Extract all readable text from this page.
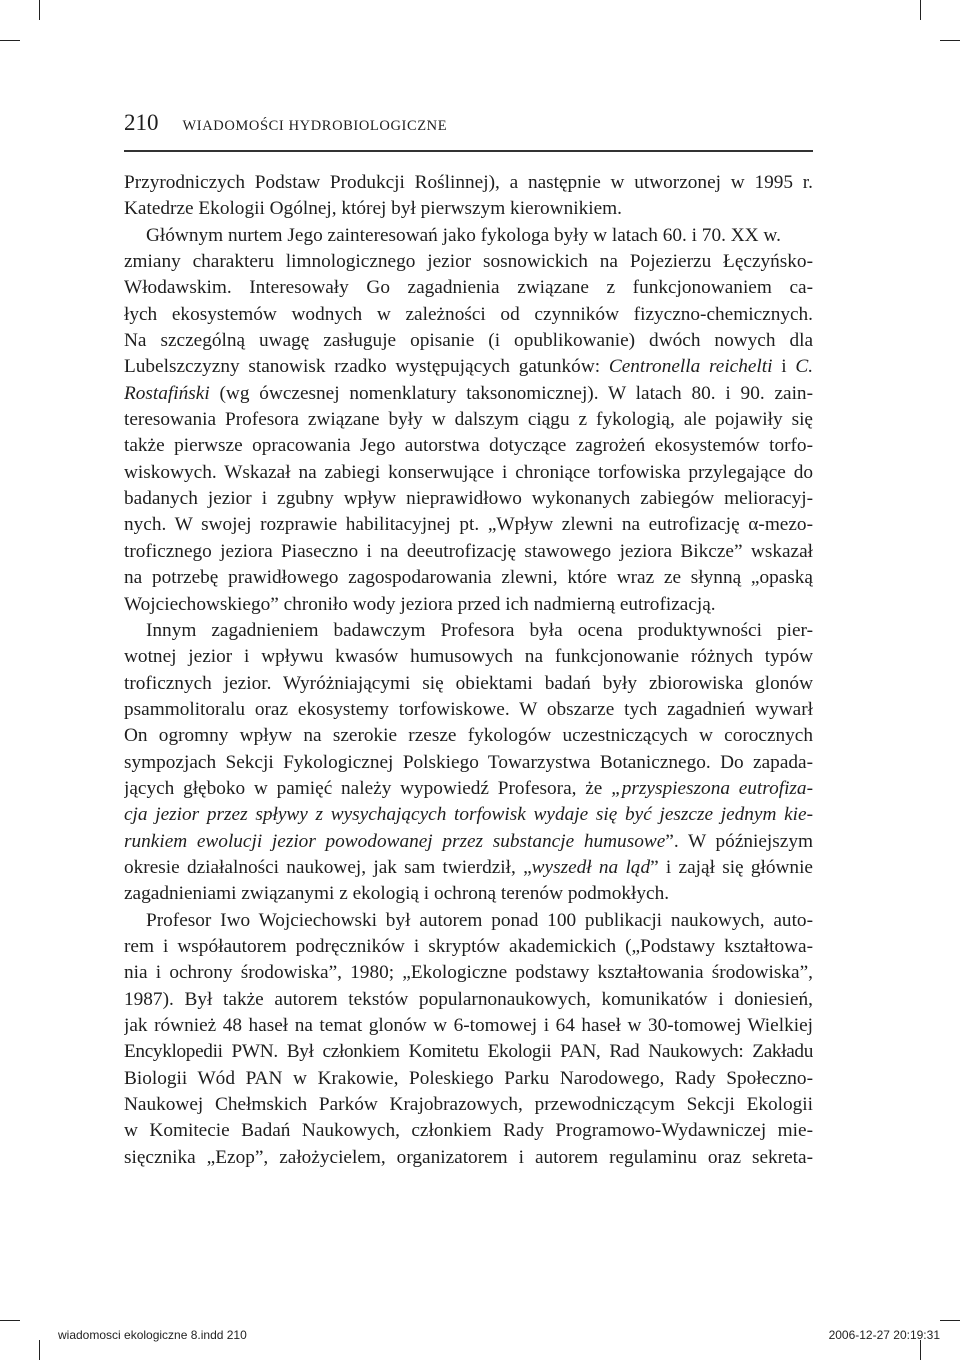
210 WIADOMOŚCI HYDROBIOLOGICZNE
Przyrodniczych Podstaw Produkcji Roślinnej), a następnie w utworzonej w 1995 r.
Katedrze Ekologii Ogólnej, której był pierwszym kierownikiem.
Głównym nurtem Jego zainteresowań jako fykologa były w latach 60. i 70. XX w.
zmiany charakteru limnologicznego jezior sosnowickich na Pojezierzu Łęczyńsko-
Włodawskim. Interesowały Go zagadnienia związane z funkcjonowaniem ca-
łych ekosystemów wodnych w zależności od czynników fizyczno-chemicznych.
Na szczególną uwagę zasługuje opisanie (i opublikowanie) dwóch nowych dla
Lubelszczyzny stanowisk rzadko występujących gatunków: Centronella reichelti i C.
Rostafiński (wg ówczesnej nomenklatury taksonomicznej). W latach 80. i 90. zain-
teresowania Profesora związane były w dalszym ciągu z fykologią, ale pojawiły się
także pierwsze opracowania Jego autorstwa dotyczące zagrożeń ekosystemów torfo-
wiskowych. Wskazał na zabiegi konserwujące i chroniące torfowiska przylegające do
badanych jezior i zgubny wpływ nieprawidłowo wykonanych zabiegów melioracyj-
nych. W swojej rozprawie habilitacyjnej pt. „Wpływ zlewni na eutrofizację α-mezo-
troficznego jeziora Piaseczno i na deeutrofizację stawowego jeziora Bikcze” wskazał
na potrzebę prawidłowego zagospodarowania zlewni, które wraz ze słynną „opaską
Wojciechowskiego” chroniło wody jeziora przed ich nadmierną eutrofizacją.
Innym zagadnieniem badawczym Profesora była ocena produktywności pier-
wotnej jezior i wpływu kwasów humusowych na funkcjonowanie różnych typów
troficznych jezior. Wyróżniającymi się obiektami badań były zbiorowiska glonów
psammolitoralu oraz ekosystemy torfowiskowe. W obszarze tych zagadnień wywarł
On ogromny wpływ na szerokie rzesze fykologów uczestniczących w corocznych
sympozjach Sekcji Fykologicznej Polskiego Towarzystwa Botanicznego. Do zapada-
jących głęboko w pamięć należy wypowiedź Profesora, że „przyspieszona eutrofiza-
cja jezior przez spływy z wysychających torfowisk wydaje się być jeszcze jednym kie-
runkiem ewolucji jezior powodowanej przez substancje humusowe”. W późniejszym
okresie działalności naukowej, jak sam twierdził, „wyszedł na ląd” i zajął się głównie
zagadnieniami związanymi z ekologią i ochroną terenów podmokłych.
Profesor Iwo Wojciechowski był autorem ponad 100 publikacji naukowych, auto-
rem i współautorem podręczników i skryptów akademickich („Podstawy kształtowa-
nia i ochrony środowiska”, 1980; „Ekologiczne podstawy kształtowania środowiska”,
1987). Był także autorem tekstów popularnonaukowych, komunikatów i doniesień,
jak również 48 haseł na temat glonów w 6-tomowej i 64 haseł w 30-tomowej Wielkiej
Encyklopedii PWN. Był członkiem Komitetu Ekologii PAN, Rad Naukowych: Zakładu
Biologii Wód PAN w Krakowie, Poleskiego Parku Narodowego, Rady Społeczno-
Naukowej Chełmskich Parków Krajobrazowych, przewodniczącym Sekcji Ekologii
w Komitecie Badań Naukowych, członkiem Rady Programowo-Wydawniczej mie-
sięcznika „Ezop”, założycielem, organizatorem i autorem regulaminu oraz sekreta-
wiadomosci ekologiczne 8.indd 210	2006-12-27 20:19:31
